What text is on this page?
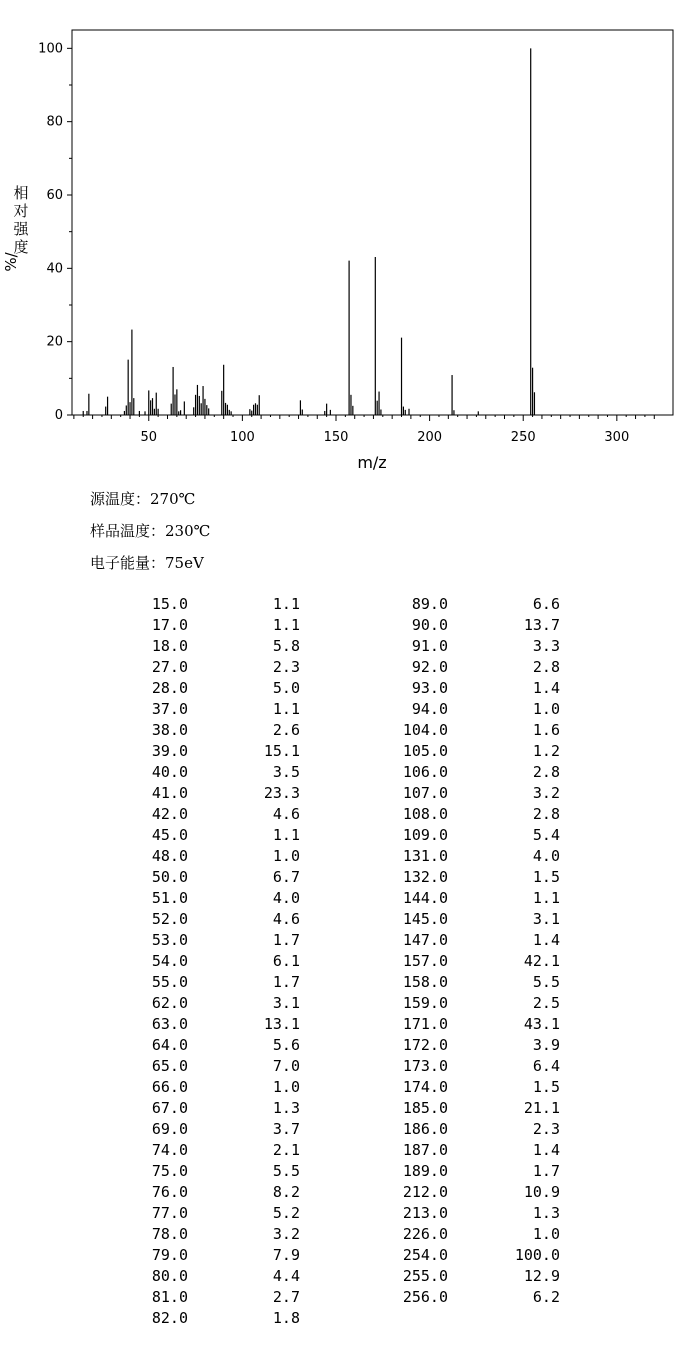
0
20
40
60
80
100
50	100	150	200	250	300
m/z
相
对
强
度
%/
源温度：270℃
样品温度：230℃
电子能量：75eV
15.0	1.1
17.0	1.1
18.0	5.8
27.0	2.3
28.0	5.0
37.0	1.1
38.0	2.6
39.0	15.1
40.0	3.5
41.0	23.3
42.0	4.6
45.0	1.1
48.0	1.0
50.0	6.7
51.0	4.0
52.0	4.6
53.0	1.7
54.0	6.1
55.0	1.7
62.0	3.1
63.0	13.1
64.0	5.6
65.0	7.0
66.0	1.0
67.0	1.3
69.0	3.7
74.0	2.1
75.0	5.5
76.0	8.2
77.0	5.2
78.0	3.2
79.0	7.9
80.0	4.4
81.0	2.7
82.0	1.8
89.0	6.6
90.0	13.7
91.0	3.3
92.0	2.8
93.0	1.4
94.0	1.0
104.0	1.6
105.0	1.2
106.0	2.8
107.0	3.2
108.0	2.8
109.0	5.4
131.0	4.0
132.0	1.5
144.0	1.1
145.0	3.1
147.0	1.4
157.0	42.1
158.0	5.5
159.0	2.5
171.0	43.1
172.0	3.9
173.0	6.4
174.0	1.5
185.0	21.1
186.0	2.3
187.0	1.4
189.0	1.7
212.0	10.9
213.0	1.3
226.0	1.0
254.0	100.0
255.0	12.9
256.0	6.2
